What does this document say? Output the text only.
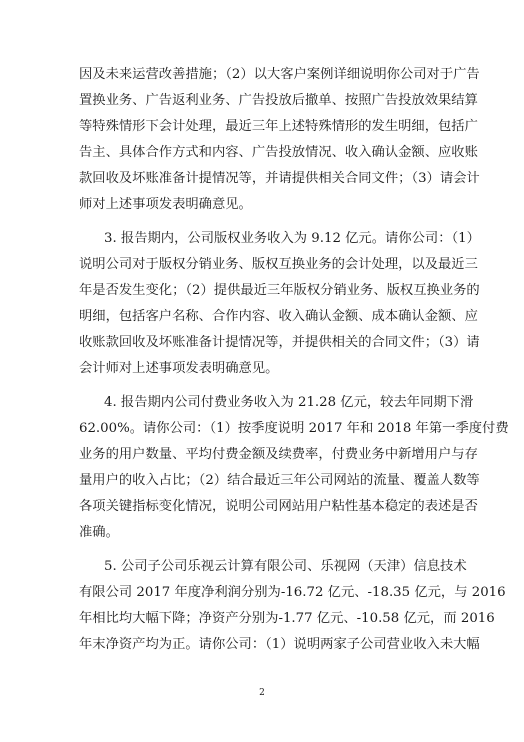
因及未来运营改善措施；（2）以大客户案例详细说明你公司对于广告
置换业务、广告返利业务、广告投放后撤单、按照广告投放效果结算
等特殊情形下会计处理，最近三年上述特殊情形的发生明细，包括广
告主、具体合作方式和内容、广告投放情况、收入确认金额、应收账
款回收及坏账准备计提情况等，并请提供相关合同文件；（3）请会计
师对上述事项发表明确意见。
3. 报告期内，公司版权业务收入为 9.12 亿元。请你公司：（1）
说明公司对于版权分销业务、版权互换业务的会计处理，以及最近三
年是否发生变化；（2）提供最近三年版权分销业务、版权互换业务的
明细，包括客户名称、合作内容、收入确认金额、成本确认金额、应
收账款回收及坏账准备计提情况等，并提供相关的合同文件；（3）请
会计师对上述事项发表明确意见。
4. 报告期内公司付费业务收入为 21.28 亿元，较去年同期下滑
62.00%。请你公司：（1）按季度说明 2017 年和 2018 年第一季度付费
业务的用户数量、平均付费金额及续费率，付费业务中新增用户与存
量用户的收入占比；（2）结合最近三年公司网站的流量、覆盖人数等
各项关键指标变化情况，说明公司网站用户粘性基本稳定的表述是否
准确。
5. 公司子公司乐视云计算有限公司、乐视网（天津）信息技术
有限公司 2017 年度净利润分别为-16.72 亿元、-18.35 亿元，与 2016
年相比均大幅下降；净资产分别为-1.77 亿元、-10.58 亿元，而 2016
年末净资产均为正。请你公司：（1）说明两家子公司营业收入未大幅
2
